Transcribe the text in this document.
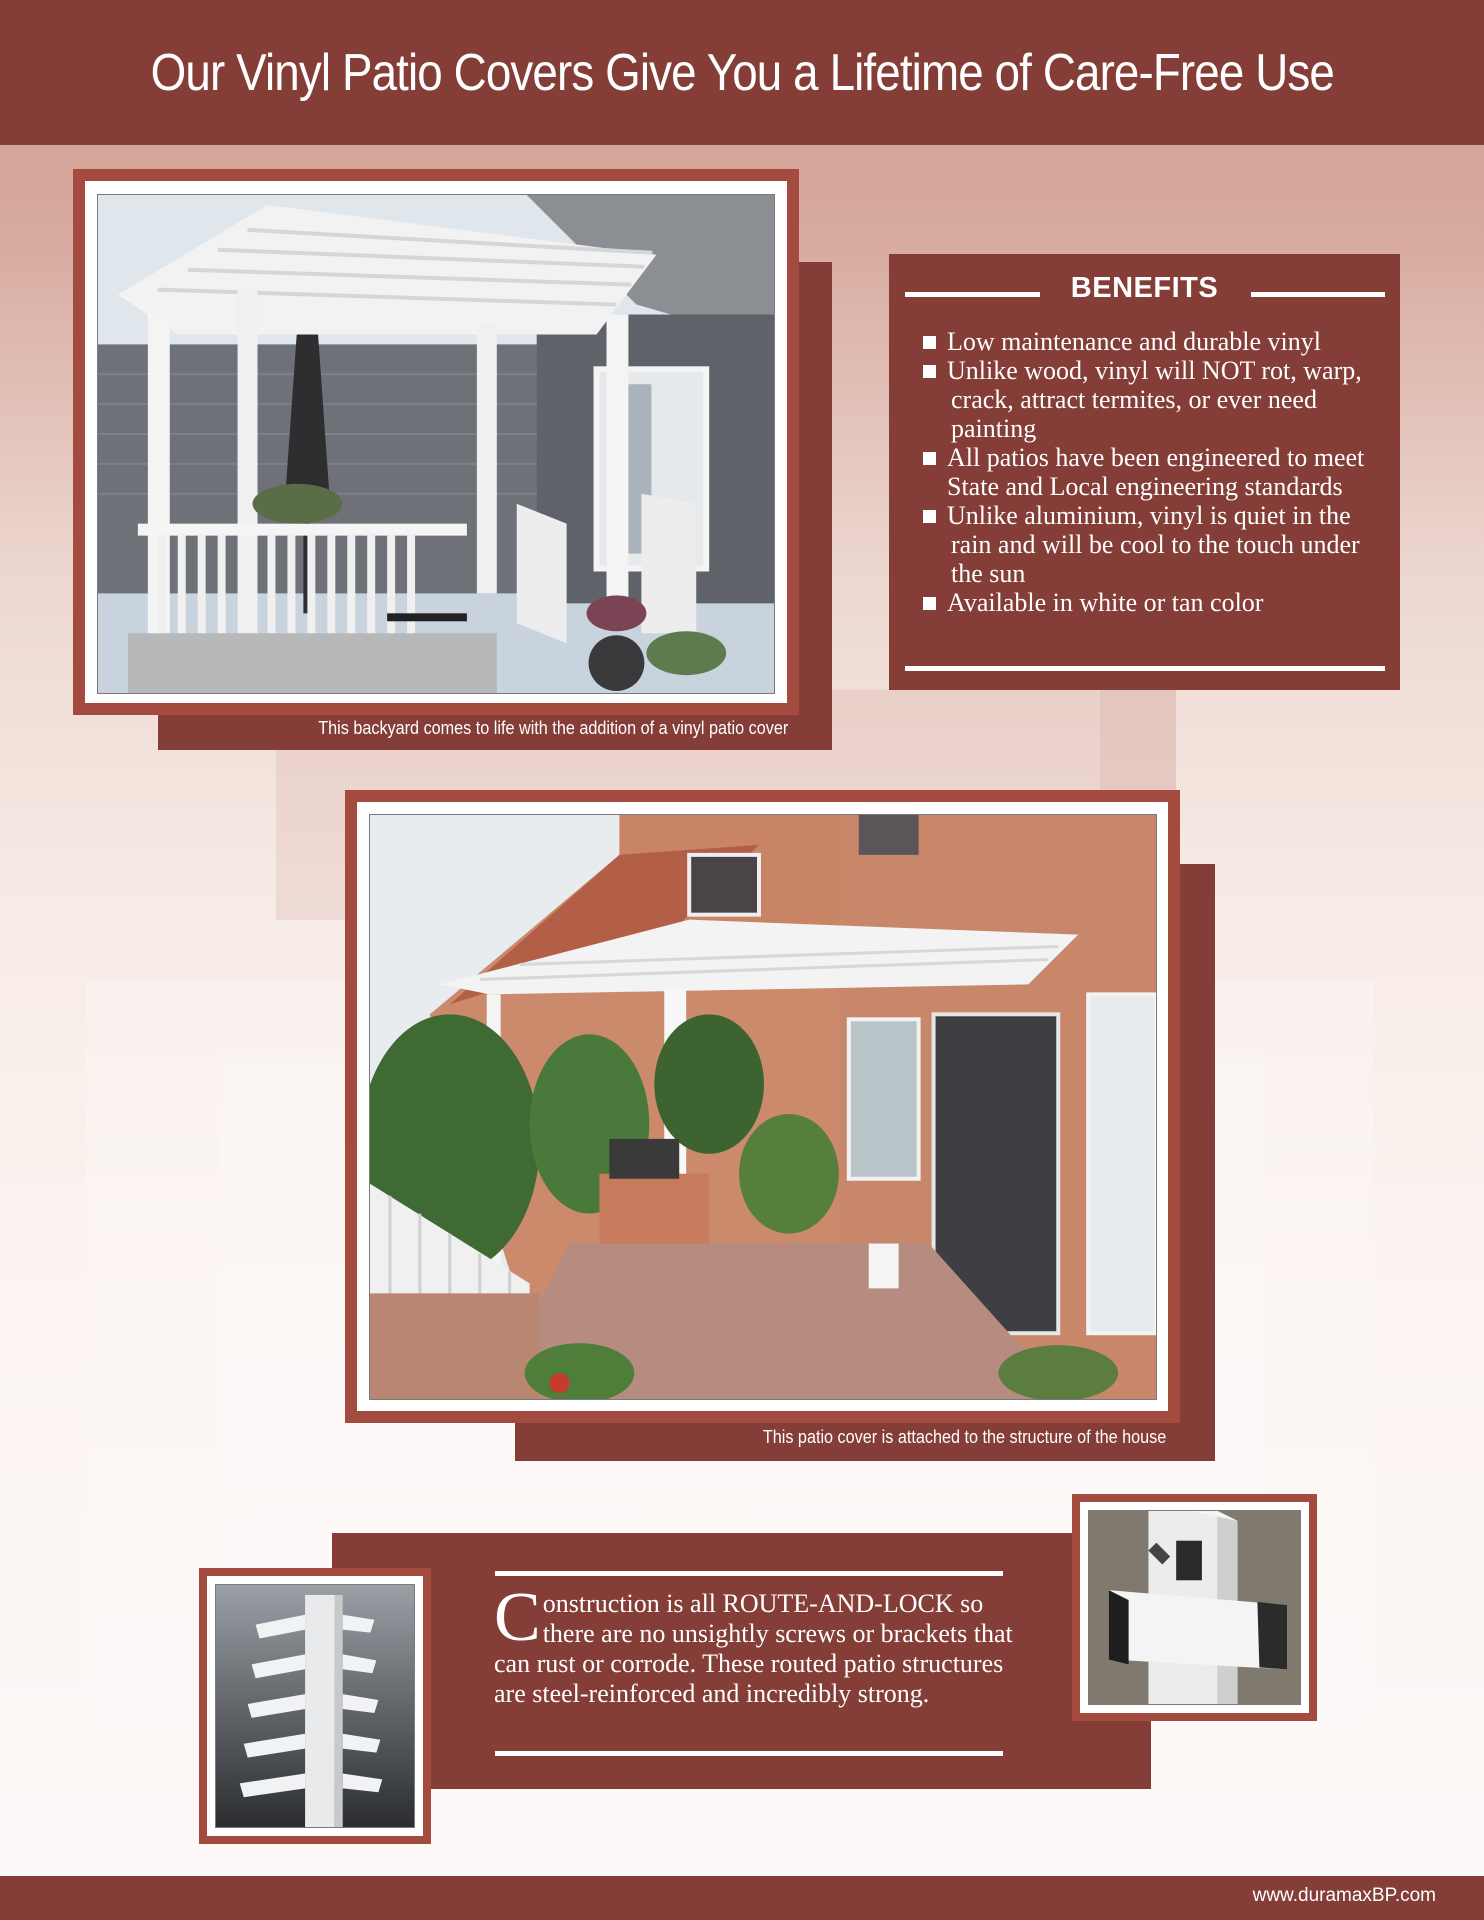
Our Vinyl Patio Covers Give You a Lifetime of Care-Free Use
This backyard comes to life with the addition of a vinyl patio cover
BENEFITS
Low maintenance and durable vinyl
Unlike wood, vinyl will NOT rot, warp, crack, attract termites, or ever need painting
All patios have been engineered to meet State and Local engineering standards
Unlike aluminium, vinyl is quiet in the rain and will be cool to the touch under the sun
Available in white or tan color
This patio cover is attached to the structure of the house
Construction is all ROUTE-AND-LOCK so there are no unsightly screws or brackets that can rust or corrode. These routed patio structures are steel-reinforced and incredibly strong.
www.duramaxBP.com
